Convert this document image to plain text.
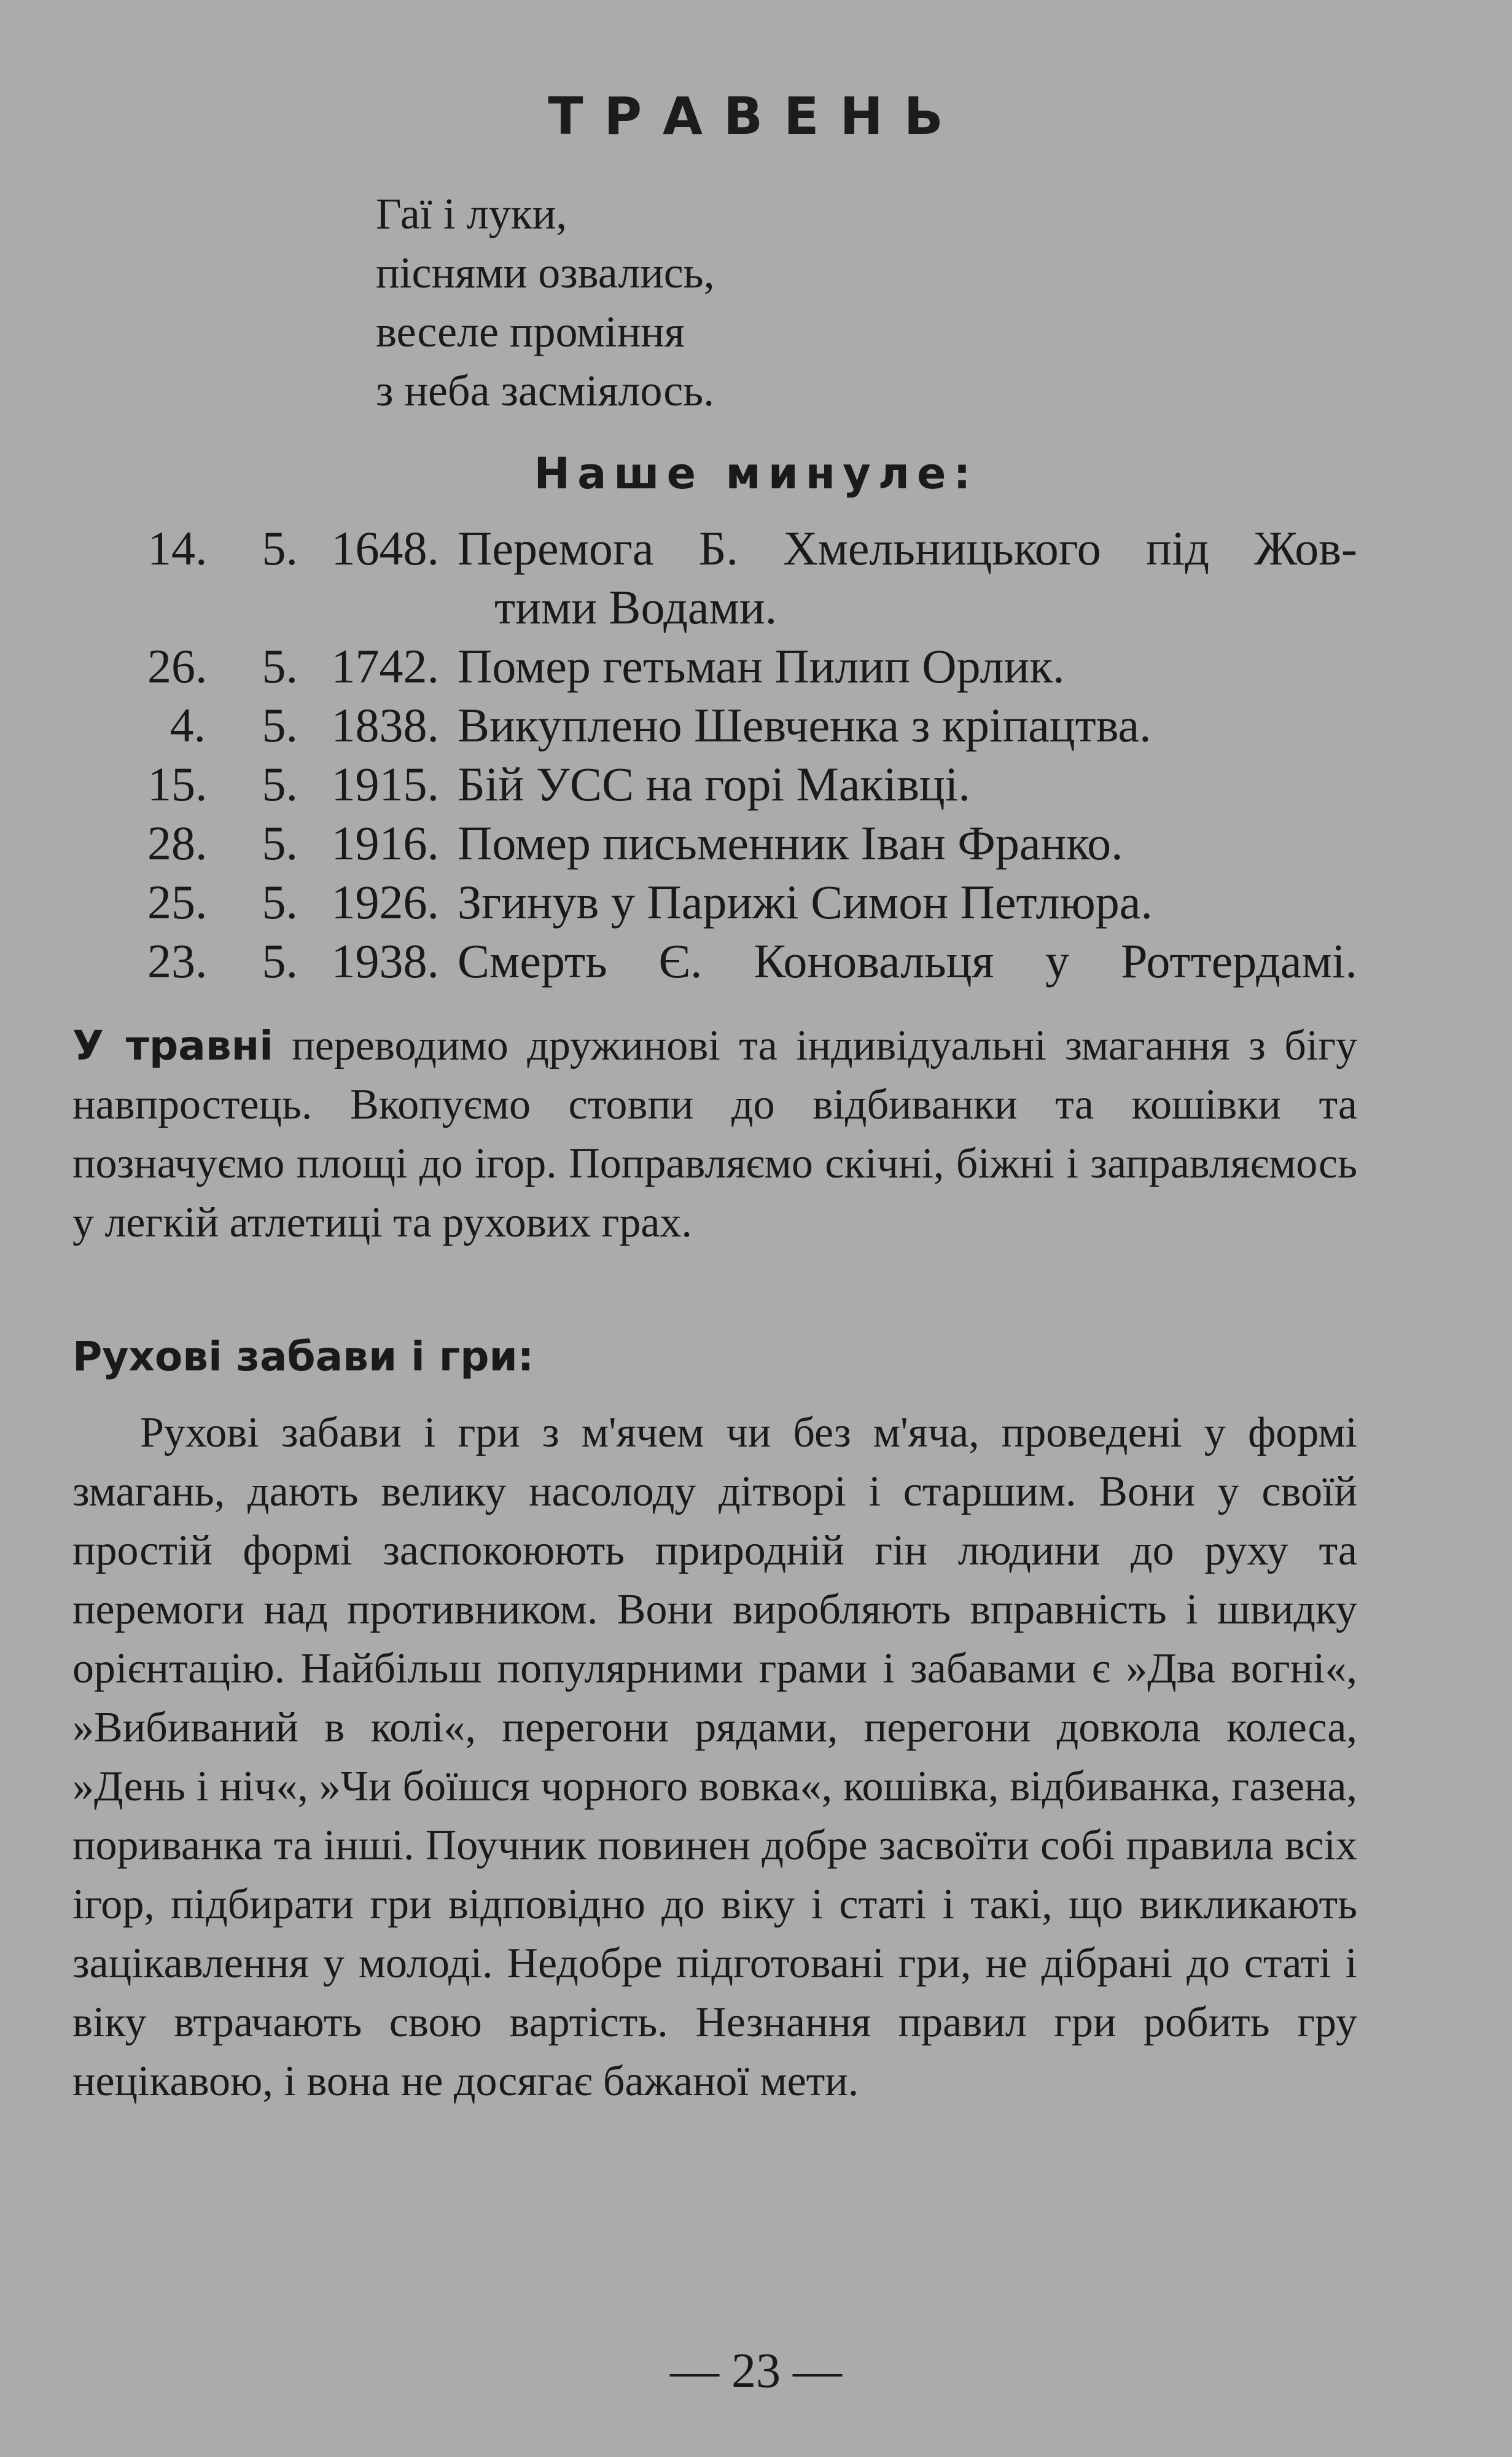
ТРАВЕНЬ
Гаї і луки,
піснями озвались,
веселе проміння
з неба засміялось.
Наше минуле:
14.	5. 1648. Перемога Б. Хмельницького під Жов-
тими Водами.
26.	5. 1742. Помер гетьман Пилип Орлик.
4.	5. 1838. Викуплено Шевченка з кріпацтва.
15.	5. 1915. Бій УСС на горі Маківці.
28.	5. 1916. Помер письменник Іван Франко.
25.	5. 1926. Згинув у Парижі Симон Петлюра.
23.	5. 1938. Смерть Є. Коновальця у Роттердамі.
У травні переводимо дружинові та індивідуальні змагання з бігу навпростець. Вкопуємо стовпи до відбиванки та кошівки та позначуємо площі до ігор. Поправляємо скічні, біжні і заправляємось у легкій атлетиці та рухових грах.
Рухові забави і гри:
Рухові забави і гри з м'ячем чи без м'яча, проведені у формі змагань, дають велику насолоду дітворі і старшим. Вони у своїй простій формі заспокоюють природній гін людини до руху та перемоги над противником. Вони виробляють вправність і швидку орієнтацію. Найбільш популярними грами і забавами є »Два вогні«, »Вибиваний в колі«, перегони рядами, перегони довкола колеса, »День і ніч«, »Чи боїшся чорного вовка«, кошівка, відбиванка, газена, пориванка та інші. Поучник повинен добре засвоїти собі правила всіх ігор, підбирати гри відповідно до віку і статі і такі, що викликають зацікавлення у молоді. Недобре підготовані гри, не дібрані до статі і віку втрачають свою вартість. Незнання правил гри робить гру нецікавою, і вона не досягає бажаної мети.
— 23 —
